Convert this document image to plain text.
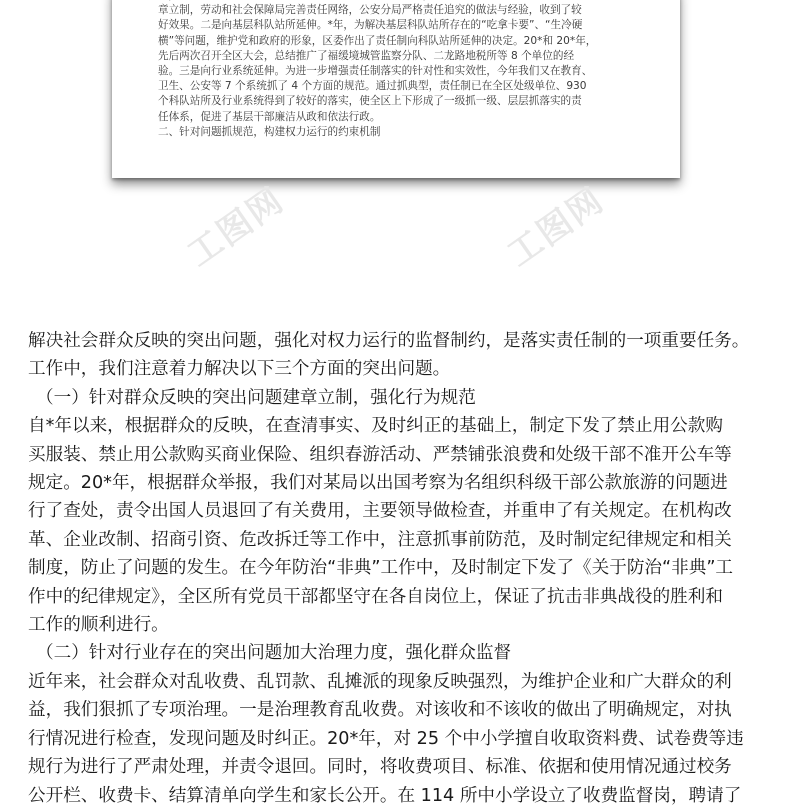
章立制，劳动和社会保障局完善责任网络，公安分局严格责任追究的做法与经验，收到了较
好效果。二是向基层科队站所延伸。*年，为解决基层科队站所存在的“吃拿卡要”、“生冷硬
横”等问题，维护党和政府的形象，区委作出了责任制向科队站所延伸的决定。20*和 20*年，
先后两次召开全区大会，总结推广了福缓境城管监察分队、二龙路地税所等 8 个单位的经
验。三是向行业系统延伸。为进一步增强责任制落实的针对性和实效性，今年我们又在教育、
卫生、公安等 7 个系统抓了 4 个方面的规范。通过抓典型，责任制已在全区处级单位、930
个科队站所及行业系统得到了较好的落实，使全区上下形成了一级抓一级、层层抓落实的责
任体系，促进了基层干部廉洁从政和依法行政。
二、针对问题抓规范，构建权力运行的约束机制
工图网	工图网
解决社会群众反映的突出问题，强化对权力运行的监督制约，是落实责任制的一项重要任务。
工作中，我们注意着力解决以下三个方面的突出问题。
（一）针对群众反映的突出问题建章立制，强化行为规范
自*年以来，根据群众的反映，在查清事实、及时纠正的基础上，制定下发了禁止用公款购
买服装、禁止用公款购买商业保险、组织春游活动、严禁铺张浪费和处级干部不准开公车等
规定。20*年，根据群众举报，我们对某局以出国考察为名组织科级干部公款旅游的问题进
行了查处，责令出国人员退回了有关费用，主要领导做检查，并重申了有关规定。在机构改
革、企业改制、招商引资、危改拆迁等工作中，注意抓事前防范，及时制定纪律规定和相关
制度，防止了问题的发生。在今年防治“非典”工作中，及时制定下发了《关于防治“非典”工
作中的纪律规定》，全区所有党员干部都坚守在各自岗位上，保证了抗击非典战役的胜利和
工作的顺利进行。
（二）针对行业存在的突出问题加大治理力度，强化群众监督
近年来，社会群众对乱收费、乱罚款、乱摊派的现象反映强烈，为维护企业和广大群众的利
益，我们狠抓了专项治理。一是治理教育乱收费。对该收和不该收的做出了明确规定，对执
行情况进行检查，发现问题及时纠正。20*年，对 25 个中小学擅自收取资料费、试卷费等违
规行为进行了严肃处理，并责令退回。同时，将收费项目、标准、依据和使用情况通过校务
公开栏、收费卡、结算清单向学生和家长公开。在 114 所中小学设立了收费监督岗，聘请了
